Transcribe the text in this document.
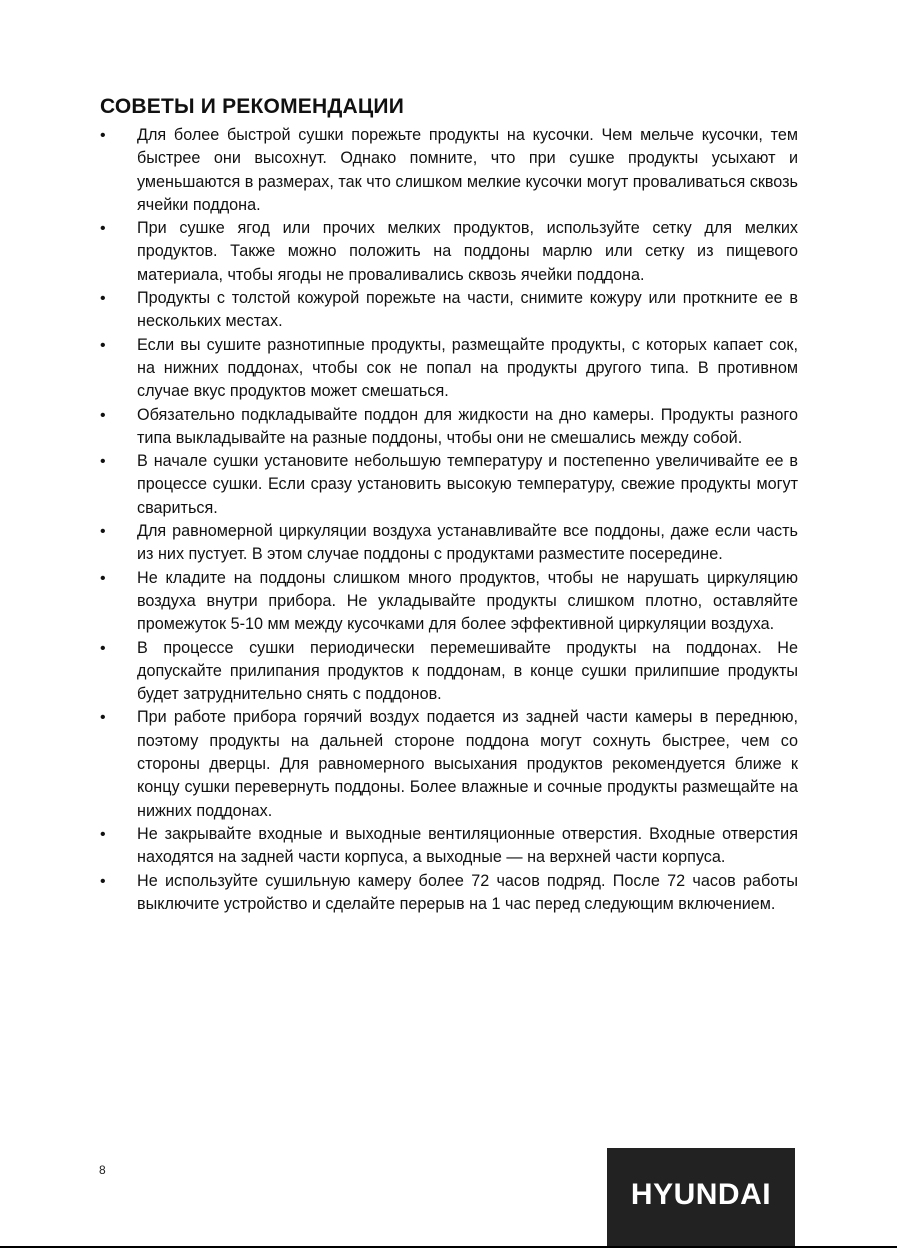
СОВЕТЫ И РЕКОМЕНДАЦИИ
•	Для более быстрой сушки порежьте продукты на кусочки. Чем мельче кусочки, тем быстрее они высохнут. Однако помните, что при сушке продукты усыхают и уменьшаются в размерах, так что слишком мелкие кусочки могут проваливаться сквозь ячейки поддона.
•	При сушке ягод или прочих мелких продуктов, используйте сетку для мелких продуктов. Также можно положить на поддоны марлю или сетку из пищевого материала, чтобы ягоды не проваливались сквозь ячейки поддона.
•	Продукты с толстой кожурой порежьте на части, снимите кожуру или проткните ее в нескольких местах.
•	Если вы сушите разнотипные продукты, размещайте продукты, с которых капает сок, на нижних поддонах, чтобы сок не попал на продукты другого типа. В противном случае вкус продуктов может смешаться.
•	Обязательно подкладывайте поддон для жидкости на дно камеры. Продукты разного типа выкладывайте на разные поддоны, чтобы они не смешались между собой.
•	В начале сушки установите небольшую температуру и постепенно увеличивайте ее в процессе сушки. Если сразу установить высокую температуру, свежие продукты могут свариться.
•	Для равномерной циркуляции воздуха устанавливайте все поддоны, даже если часть из них пустует. В этом случае поддоны с продуктами разместите посередине.
•	Не кладите на поддоны слишком много продуктов, чтобы не нарушать циркуляцию воздуха внутри прибора. Не укладывайте продукты слишком плотно, оставляйте промежуток 5-10 мм между кусочками для более эффективной циркуляции воздуха.
•	В процессе сушки периодически перемешивайте продукты на поддонах. Не допускайте прилипания продуктов к поддонам, в конце сушки прилипшие продукты будет затруднительно снять с поддонов.
•	При работе прибора горячий воздух подается из задней части камеры в переднюю, поэтому продукты на дальней стороне поддона могут сохнуть быстрее, чем со стороны дверцы. Для равномерного высыхания продуктов рекомендуется ближе к концу сушки перевернуть поддоны. Более влажные и сочные продукты размещайте на нижних поддонах.
•	Не закрывайте входные и выходные вентиляционные отверстия. Входные отверстия находятся на задней части корпуса, а выходные — на верхней части корпуса.
•	Не используйте сушильную камеру более 72 часов подряд. После 72 часов работы выключите устройство и сделайте перерыв на 1 час перед следующим включением.
8
HYUNDAI
